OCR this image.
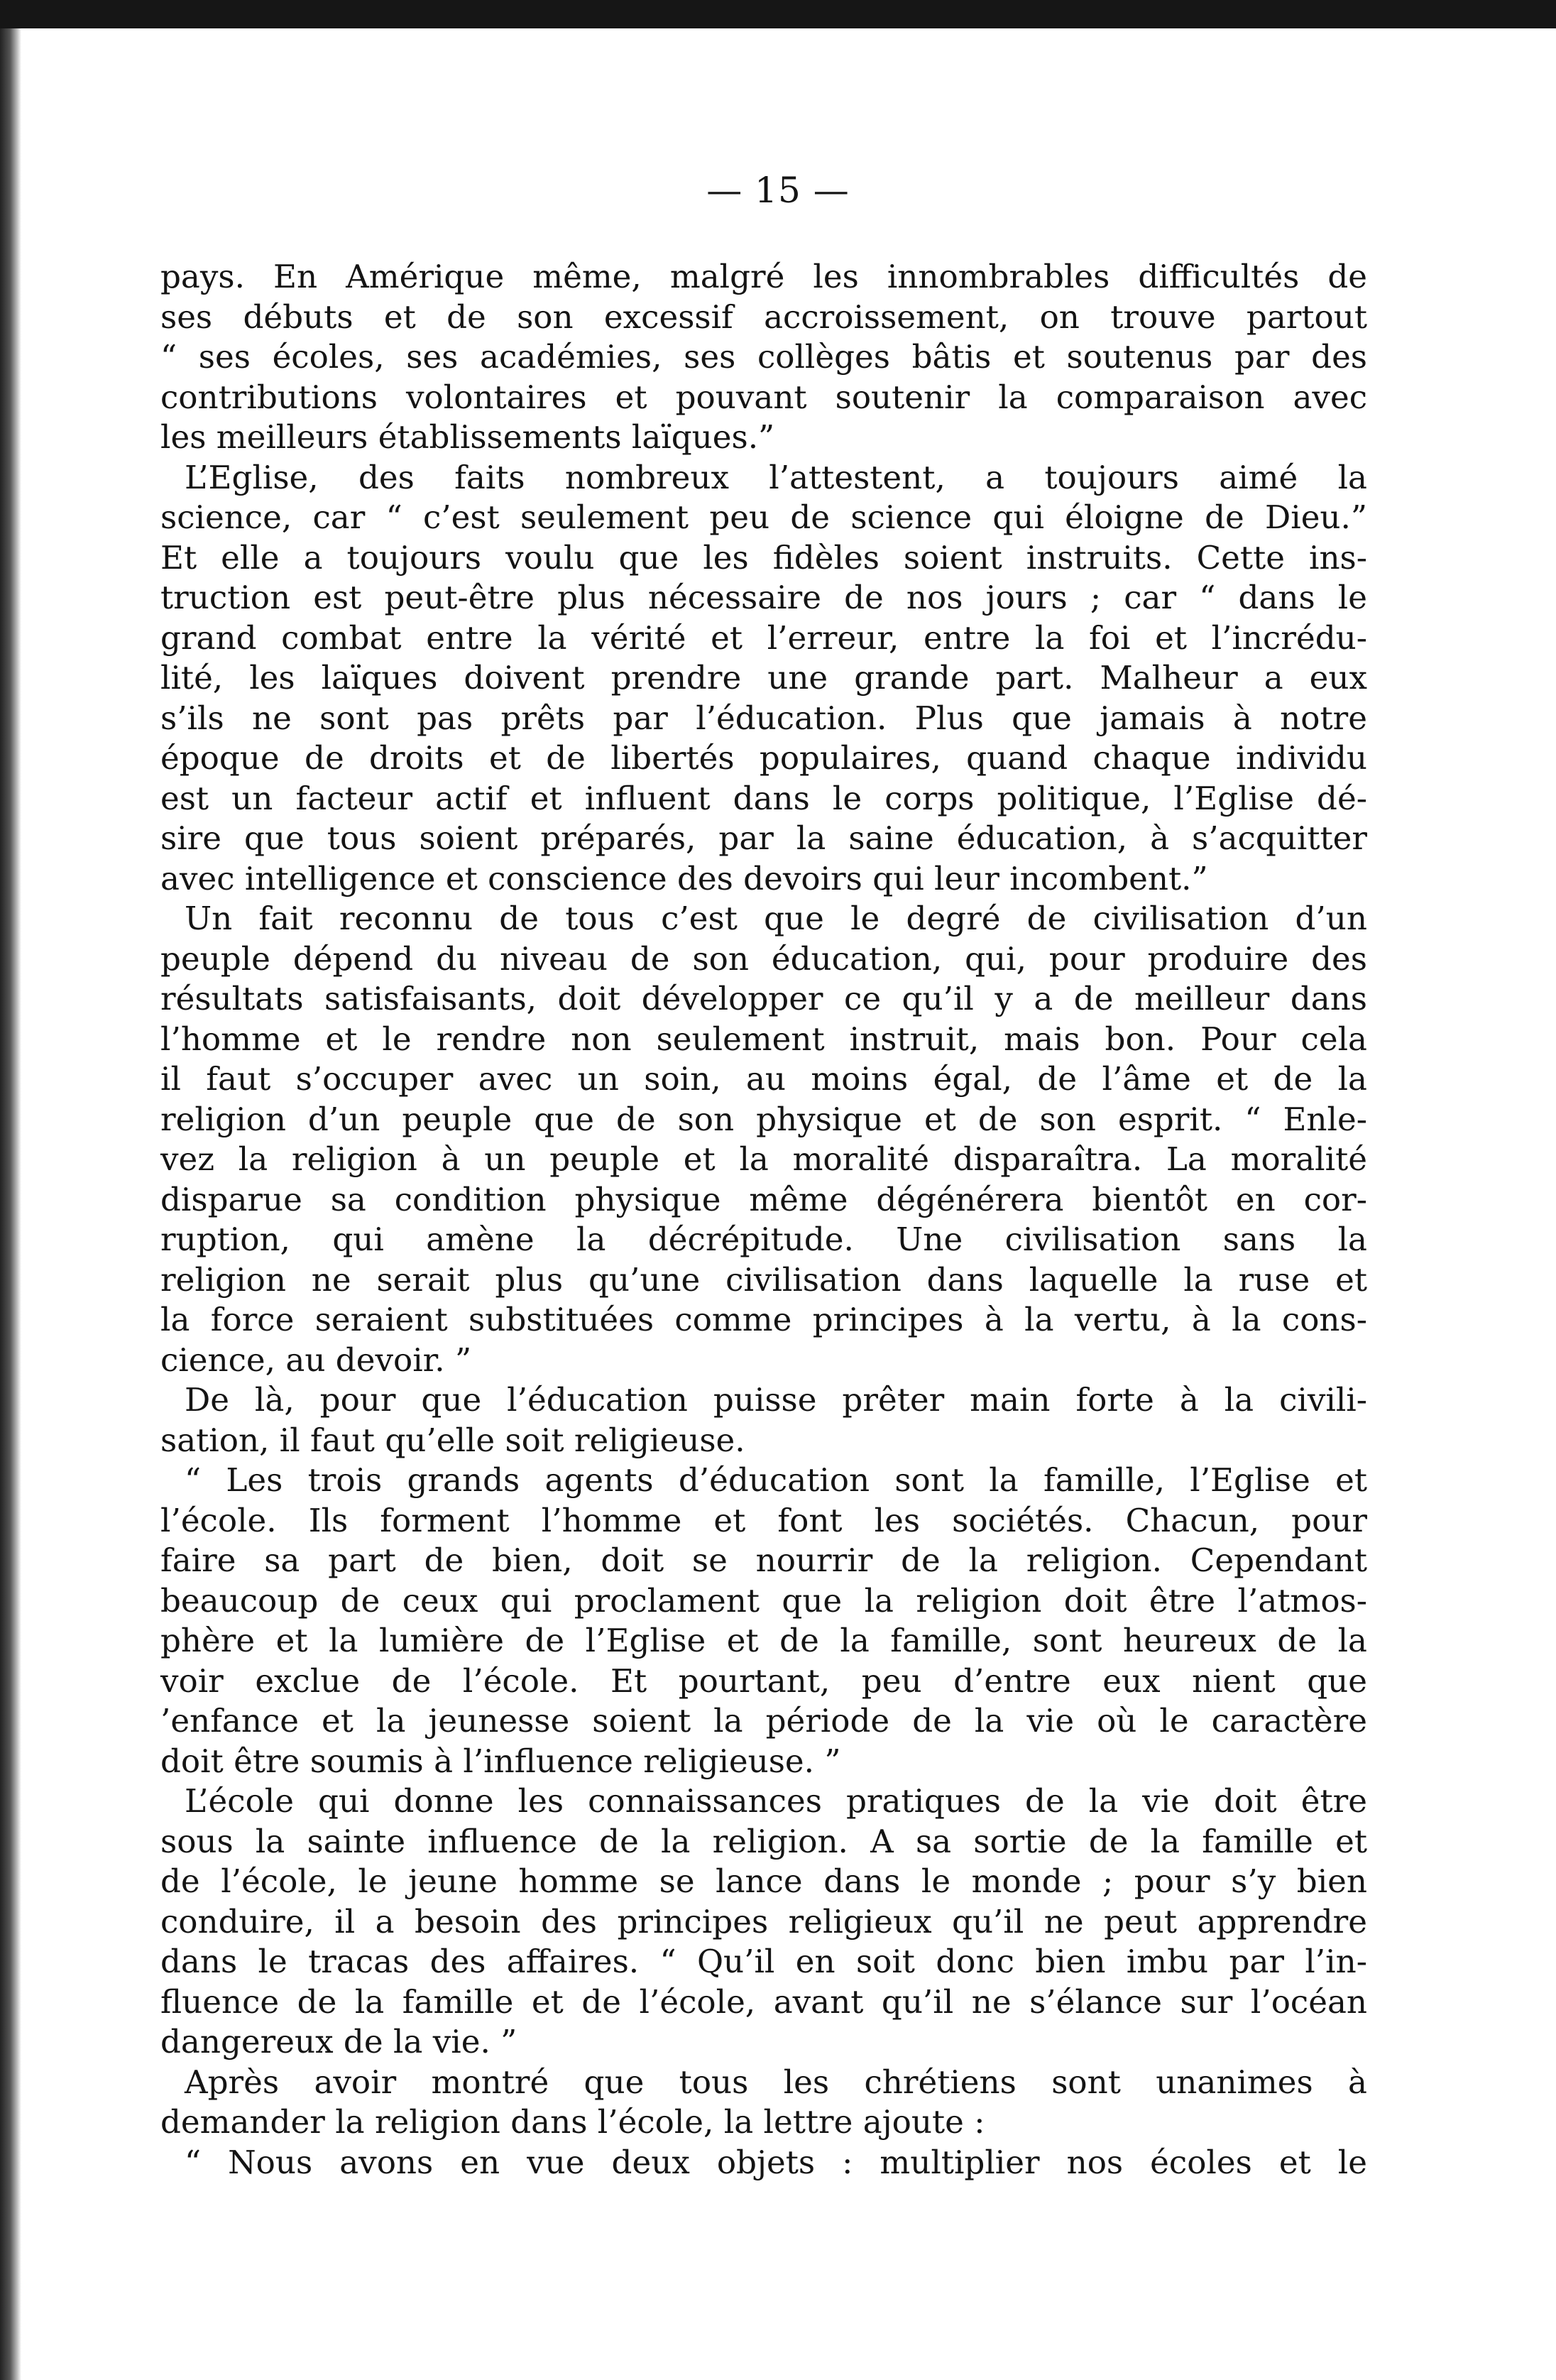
— 15 —
pays. En Amérique même, malgré les innombrables difficultés de
ses débuts et de son excessif accroissement, on trouve partout
“ ses écoles, ses académies, ses collèges bâtis et soutenus par des
contributions volontaires et pouvant soutenir la comparaison avec
les meilleurs établissements laïques.”
L’Eglise, des faits nombreux l’attestent, a toujours aimé la
science, car “ c’est seulement peu de science qui éloigne de Dieu.”
Et elle a toujours voulu que les fidèles soient instruits. Cette ins-
truction est peut-être plus nécessaire de nos jours ; car “ dans le
grand combat entre la vérité et l’erreur, entre la foi et l’incrédu-
lité, les laïques doivent prendre une grande part. Malheur a eux
s’ils ne sont pas prêts par l’éducation. Plus que jamais à notre
époque de droits et de libertés populaires, quand chaque individu
est un facteur actif et influent dans le corps politique, l’Eglise dé-
sire que tous soient préparés, par la saine éducation, à s’acquitter
avec intelligence et conscience des devoirs qui leur incombent.”
Un fait reconnu de tous c’est que le degré de civilisation d’un
peuple dépend du niveau de son éducation, qui, pour produire des
résultats satisfaisants, doit développer ce qu’il y a de meilleur dans
l’homme et le rendre non seulement instruit, mais bon. Pour cela
il faut s’occuper avec un soin, au moins égal, de l’âme et de la
religion d’un peuple que de son physique et de son esprit. “ Enle-
vez la religion à un peuple et la moralité disparaîtra. La moralité
disparue sa condition physique même dégénérera bientôt en cor-
ruption, qui amène la décrépitude. Une civilisation sans la
religion ne serait plus qu’une civilisation dans laquelle la ruse et
la force seraient substituées comme principes à la vertu, à la cons-
cience, au devoir. ”
De là, pour que l’éducation puisse prêter main forte à la civili-
sation, il faut qu’elle soit religieuse.
“ Les trois grands agents d’éducation sont la famille, l’Eglise et
l’école. Ils forment l’homme et font les sociétés. Chacun, pour
faire sa part de bien, doit se nourrir de la religion. Cependant
beaucoup de ceux qui proclament que la religion doit être l’atmos-
phère et la lumière de l’Eglise et de la famille, sont heureux de la
voir exclue de l’école. Et pourtant, peu d’entre eux nient que
’enfance et la jeunesse soient la période de la vie où le caractère
doit être soumis à l’influence religieuse. ”
L’école qui donne les connaissances pratiques de la vie doit être
sous la sainte influence de la religion. A sa sortie de la famille et
de l’école, le jeune homme se lance dans le monde ; pour s’y bien
conduire, il a besoin des principes religieux qu’il ne peut apprendre
dans le tracas des affaires. “ Qu’il en soit donc bien imbu par l’in-
fluence de la famille et de l’école, avant qu’il ne s’élance sur l’océan
dangereux de la vie. ”
Après avoir montré que tous les chrétiens sont unanimes à
demander la religion dans l’école, la lettre ajoute :
“ Nous avons en vue deux objets : multiplier nos écoles et le
